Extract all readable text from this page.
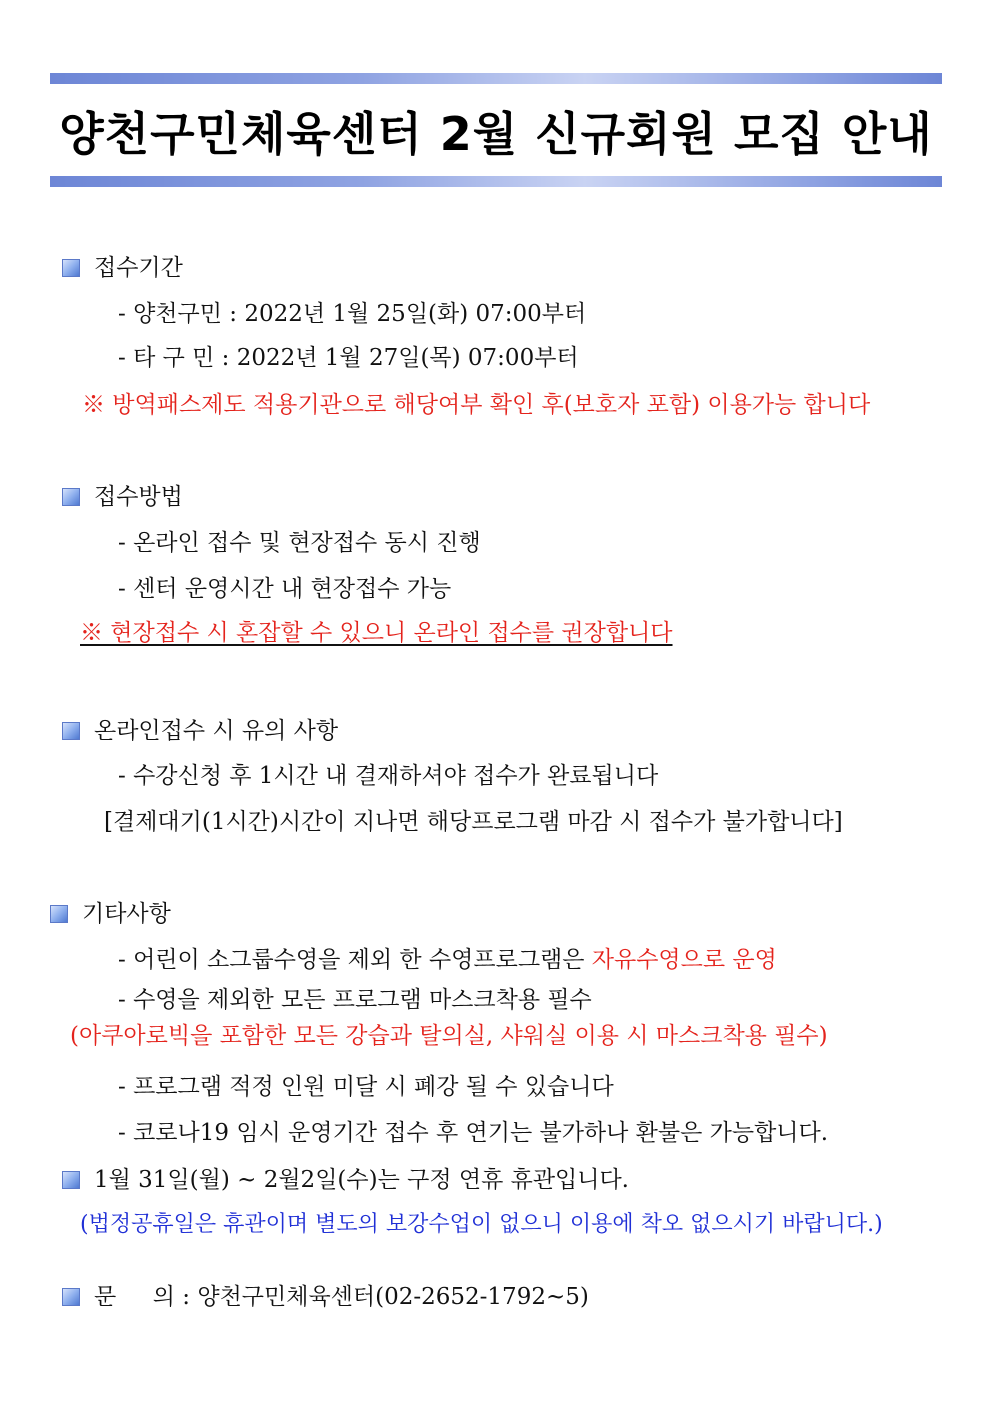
양천구민체육센터 2월 신규회원 모집 안내
접수기간
- 양천구민 : 2022년 1월 25일(화) 07:00부터
- 타 구 민 : 2022년 1월 27일(목) 07:00부터
※ 방역패스제도 적용기관으로 해당여부 확인 후(보호자 포함) 이용가능 합니다
접수방법
- 온라인 접수 및 현장접수 동시 진행
- 센터 운영시간 내 현장접수 가능
※ 현장접수 시 혼잡할 수 있으니 온라인 접수를 권장합니다
온라인접수 시 유의 사항
- 수강신청 후 1시간 내 결재하셔야 접수가 완료됩니다
[결제대기(1시간)시간이 지나면 해당프로그램 마감 시 접수가 불가합니다]
기타사항
- 어린이 소그룹수영을 제외 한 수영프로그램은 자유수영으로 운영
- 수영을 제외한 모든 프로그램 마스크착용 필수
(아쿠아로빅을 포함한 모든 강습과 탈의실, 샤워실 이용 시 마스크착용 필수)
- 프로그램 적정 인원 미달 시 폐강 될 수 있습니다
- 코로나19 임시 운영기간 접수 후 연기는 불가하나 환불은 가능합니다.
1월 31일(월) ~ 2월2일(수)는 구정 연휴 휴관입니다.
(법정공휴일은 휴관이며 별도의 보강수업이 없으니 이용에 착오 없으시기 바랍니다.)
문     의 : 양천구민체육센터(02-2652-1792~5)
